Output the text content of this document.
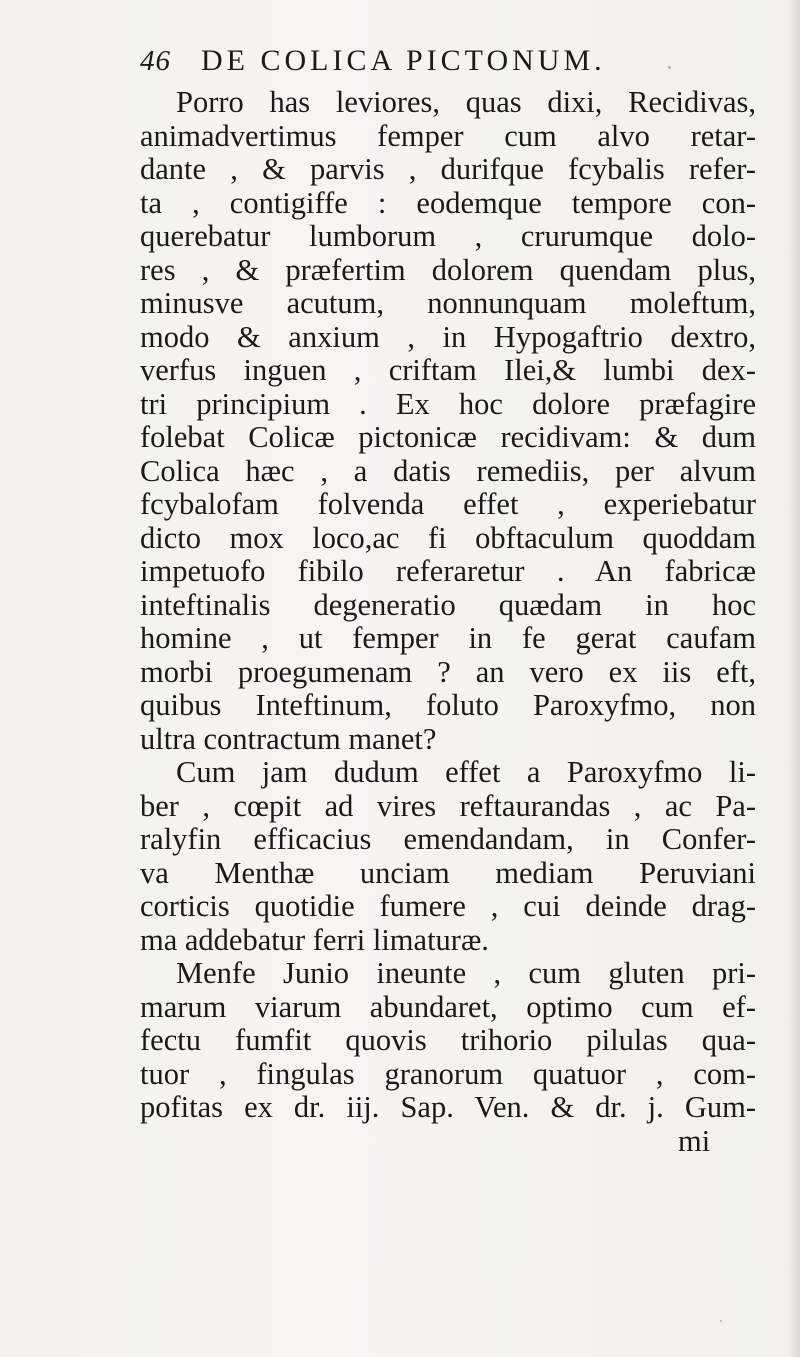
46 DE COLICA PICTONUM.
Porro has leviores, quas dixi, Recidivas,
animadvertimus femper cum alvo retar-
dante , & parvis , durifque fcybalis refer-
ta , contigiffe : eodemque tempore con-
querebatur lumborum , crurumque dolo-
res , & præfertim dolorem quendam plus,
minusve acutum, nonnunquam moleftum,
modo & anxium , in Hypogaftrio dextro,
verfus inguen , criftam Ilei,& lumbi dex-
tri principium . Ex hoc dolore præfagire
folebat Colicæ pictonicæ recidivam: & dum
Colica hæc , a datis remediis, per alvum
fcybalofam folvenda effet , experiebatur
dicto mox loco,ac fi obftaculum quoddam
impetuofo fibilo referaretur . An fabricæ
inteftinalis degeneratio quædam in hoc
homine , ut femper in fe gerat caufam
morbi proegumenam ? an vero ex iis eft,
quibus Inteftinum, foluto Paroxyfmo, non
ultra contractum manet?
Cum jam dudum effet a Paroxyfmo li-
ber , cœpit ad vires reftaurandas , ac Pa-
ralyfin efficacius emendandam, in Confer-
va Menthæ unciam mediam Peruviani
corticis quotidie fumere , cui deinde drag-
ma addebatur ferri limaturæ.
Menfe Junio ineunte , cum gluten pri-
marum viarum abundaret, optimo cum ef-
fectu fumfit quovis trihorio pilulas qua-
tuor , fingulas granorum quatuor , com-
pofitas ex dr. iij. Sap. Ven. & dr. j. Gum-
mi
